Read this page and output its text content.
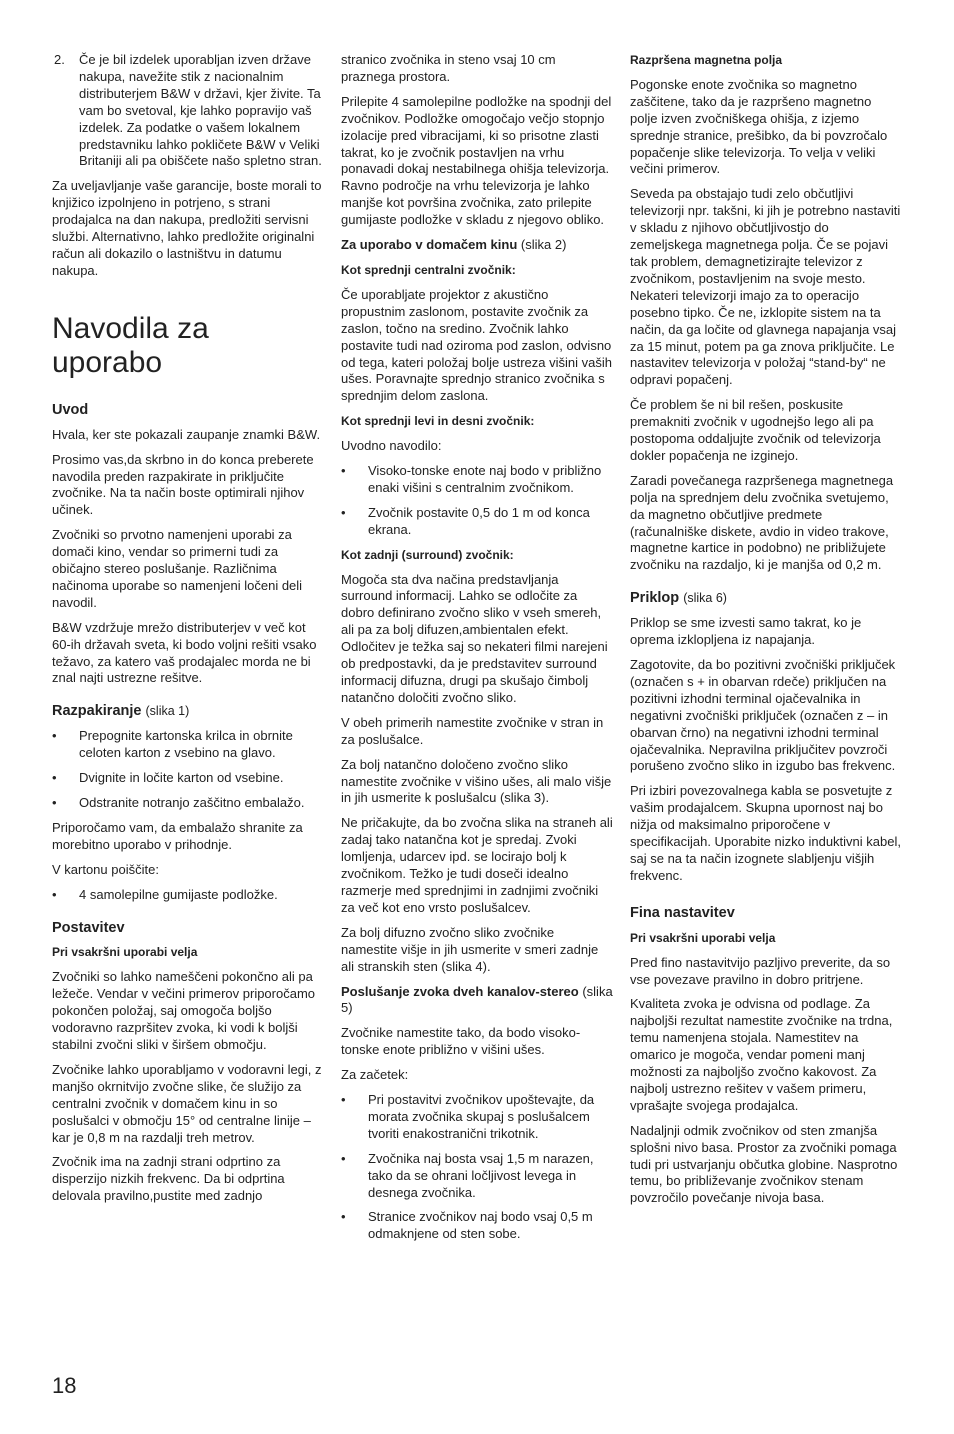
2. Če je bil izdelek uporabljan izven države nakupa, navežite stik z nacionalnim distributerjem B&W v državi, kjer živite. Ta vam bo svetoval, kje lahko popravijo vaš izdelek. Za podatke o vašem lokalnem predstavniku lahko pokličete B&W v Veliki Britaniji ali pa obiščete našo spletno stran.

Za uveljavljanje vaše garancije, boste morali to knjižico izpolnjeno in potrjeno, s strani prodajalca na dan nakupa, predložiti servisni službi. Alternativno, lahko predložite originalni račun ali dokazilo o lastništvu in datumu nakupa.

Navodila za uporabo
Uvod

Hvala, ker ste pokazali zaupanje znamki B&W.

Prosimo vas,da skrbno in do konca preberete navodila preden razpakirate in priključite zvočnike. Na ta način boste optimirali njihov učinek.

Zvočniki so prvotno namenjeni uporabi za domači kino, vendar so primerni tudi za običajno stereo poslušanje. Različnima načinoma uporabe so namenjeni ločeni deli navodil.

B&W vzdržuje mrežo distributerjev v več kot 60-ih državah sveta, ki bodo voljni rešiti vsako težavo, za katero vaš prodajalec morda ne bi znal najti ustrezne rešitve.

Razpakiranje (slika 1)
• Prepognite kartonska krilca in obrnite celoten karton z vsebino na glavo.
• Dvignite in ločite karton od vsebine.
• Odstranite notranjo zaščitno embalažo.

Priporočamo vam, da embalažo shranite za morebitno uporabo v prihodnje.

V kartonu poiščite:

• 4 samolepilne gumijaste podložke.
Postavitev
Pri vsakršni uporabi velja

Zvočniki so lahko nameščeni pokončno ali pa ležeče. Vendar v večini primerov priporočamo pokončen položaj, saj omogoča boljšo vodoravno razpršitev zvoka, ki vodi k boljši stabilni zvočni sliki v širšem območju.

Zvočnike lahko uporabljamo v vodoravni legi, z manjšo okrnitvijo zvočne slike, če služijo za centralni zvočnik v domačem kinu in so poslušalci v območju 15° od centralne linije – kar je 0,8 m na razdalji treh metrov.

Zvočnik ima na zadnji strani odprtino za disperzijo nizkih frekvenc. Da bi odprtina delovala pravilno,pustite med zadnjo

stranico zvočnika in steno vsaj 10 cm praznega prostora.

Prilepite 4 samolepilne podložke na spodnji del zvočnikov. Podložke omogočajo večjo stopnjo izolacije pred vibracijami, ki so prisotne zlasti takrat, ko je zvočnik postavljen na vrhu ponavadi dokaj nestabilnega ohišja televizorja. Ravno področje na vrhu televizorja je lahko manjše kot površina zvočnika, zato prilepite gumijaste podložke v skladu z njegovo obliko.

Za uporabo v domačem kinu (slika 2)

Kot sprednji centralni zvočnik:

Če uporabljate projektor z akustično propustnim zaslonom, postavite zvočnik za zaslon, točno na sredino. Zvočnik lahko postavite tudi nad oziroma pod zaslon, odvisno od tega, kateri položaj bolje ustreza višini vaših ušes. Poravnajte sprednjo stranico zvočnika s sprednjim delom zaslona.

Kot sprednji levi in desni zvočnik:

Uvodno navodilo:

• Visoko-tonske enote naj bodo v približno enaki višini s centralnim zvočnikom.
• Zvočnik postavite 0,5 do 1 m od konca ekrana.
Kot zadnji (surround) zvočnik:

Mogoča sta dva načina predstavljanja surround informacij. Lahko se odločite za dobro definirano zvočno sliko v vseh smereh, ali pa za bolj difuzen,ambientalen efekt. Odločitev je težka saj so nekateri filmi narejeni ob predpostavki, da je predstavitev surround informacij difuzna, drugi pa skušajo čimbolj natančno določiti zvočno sliko.

V obeh primerih namestite zvočnike v stran in za poslušalce.

Za bolj natančno določeno zvočno sliko namestite zvočnike v višino ušes, ali malo višje in jih usmerite k poslušalcu (slika 3).

Ne pričakujte, da bo zvočna slika na straneh ali zadaj tako natančna kot je spredaj. Zvoki lomljenja, udarcev ipd. se locirajo bolj k zvočnikom. Težko je tudi doseči idealno razmerje med sprednjimi in zadnjimi zvočniki za več kot eno vrsto poslušalcev.

Za bolj difuzno zvočno sliko zvočnike namestite višje in jih usmerite v smeri zadnje ali stranskih sten (slika 4).

Poslušanje zvoka dveh kanalov-stereo (slika 5)

Zvočnike namestite tako, da bodo visoko-tonske enote približno v višini ušes.

Za začetek:

• Pri postavitvi zvočnikov upoštevajte, da morata zvočnika skupaj s poslušalcem tvoriti enakostranični trikotnik.
• Zvočnika naj bosta vsaj 1,5 m narazen, tako da se ohrani ločljivost levega in desnega zvočnika.
• Stranice zvočnikov naj bodo vsaj 0,5 m odmaknjene od sten sobe.
Razpršena magnetna polja

Pogonske enote zvočnika so magnetno zaščitene, tako da je razpršeno magnetno polje izven zvočniškega ohišja, z izjemo sprednje stranice, prešibko, da bi povzročalo popačenje slike televizorja. To velja v veliki večini primerov.

Seveda pa obstajajo tudi zelo občutljivi televizorji npr. takšni, ki jih je potrebno nastaviti v skladu z njihovo občutljivostjo do zemeljskega magnetnega polja. Če se pojavi tak problem, demagnetizirajte televizor z zvočnikom, postavljenim na svoje mesto. Nekateri televizorji imajo za to operacijo posebno tipko. Če ne, izklopite sistem na ta način, da ga ločite od glavnega napajanja vsaj za 15 minut, potem pa ga znova priključite. Le nastavitev televizorja v položaj “stand-by“ ne odpravi popačenj.

Če problem še ni bil rešen, poskusite premakniti zvočnik v ugodnejšo lego ali pa postopoma oddaljujte zvočnik od televizorja dokler popačenja ne izginejo.

Zaradi povečanega razpršenega magnetnega polja na sprednjem delu zvočnika svetujemo, da magnetno občutljive predmete (računalniške diskete, avdio in video trakove, magnetne kartice in podobno) ne približujete zvočniku na razdaljo, ki je manjša od 0,2 m.

Priklop (slika 6)

Priklop se sme izvesti samo takrat, ko je oprema izklopljena iz napajanja.

Zagotovite, da bo pozitivni zvočniški priključek (označen s + in obarvan rdeče) priključen na pozitivni izhodni terminal ojačevalnika in negativni zvočniški priključek (označen z – in obarvan črno) na negativni izhodni terminal ojačevalnika. Nepravilna priključitev povzroči porušeno zvočno sliko in izgubo bas frekvenc.

Pri izbiri povezovalnega kabla se posvetujte z vašim prodajalcem. Skupna upornost naj bo nižja od maksimalno priporočene v specifikacijah. Uporabite nizko induktivni kabel, saj se na ta način izognete slabljenju višjih frekvenc.

Fina nastavitev
Pri vsakršni uporabi velja

Pred fino nastavitvijo pazljivo preverite, da so vse povezave pravilno in dobro pritrjene.

Kvaliteta zvoka je odvisna od podlage. Za najboljši rezultat namestite zvočnike na trdna, temu namenjena stojala. Namestitev na omarico je mogoča, vendar pomeni manj možnosti za najboljšo zvočno kakovost. Za najbolj ustrezno rešitev v vašem primeru, vprašajte svojega prodajalca.

Nadaljnji odmik zvočnikov od sten zmanjša splošni nivo basa. Prostor za zvočniki pomaga tudi pri ustvarjanju občutka globine. Nasprotno temu, bo približevanje zvočnikov stenam povzročilo povečanje nivoja basa.

18
